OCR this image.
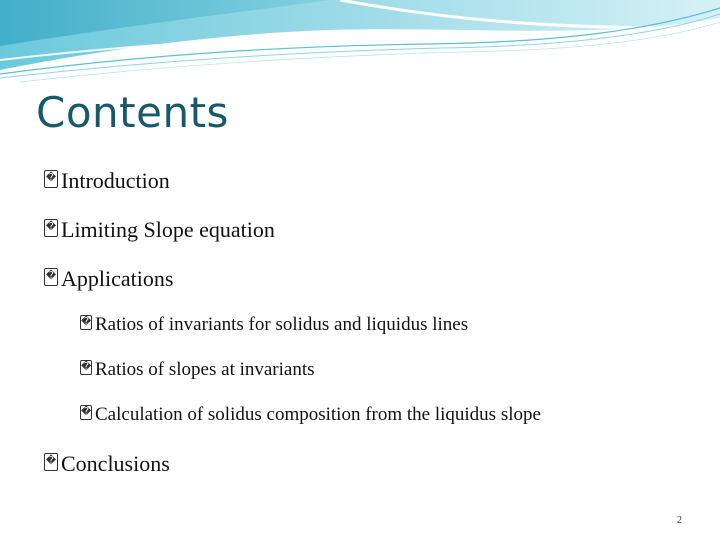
Contents
� Introduction
� Limiting Slope equation
� Applications
� Ratios of invariants for solidus and liquidus lines
� Ratios of slopes at invariants
� Calculation of solidus composition from the liquidus slope
� Conclusions
2
